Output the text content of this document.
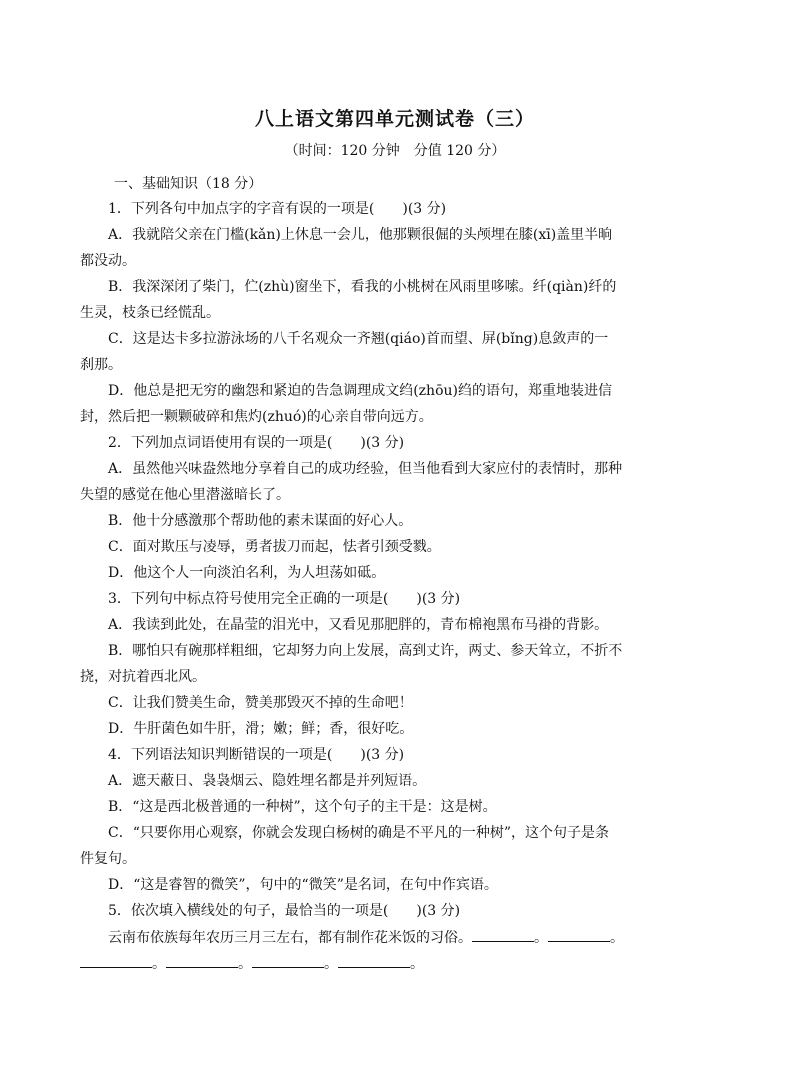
八上语文第四单元测试卷（三）
（时间：120 分钟　分值 120 分）
一、基础知识（18 分）
1．下列各句中加点字的字音有误的一项是(　　)(3 分)
A．我就陪父亲在门槛(kǎn)上休息一会儿，他那颗很倔的头颅埋在膝(xī)盖里半晌
都没动。
B．我深深闭了柴门，伫(zhù)窗坐下，看我的小桃树在风雨里哆嗦。纤(qiàn)纤的
生灵，枝条已经慌乱。
C．这是达卡多拉游泳场的八千名观众一齐翘(qiáo)首而望、屏(bǐng)息敛声的一
刹那。
D．他总是把无穷的幽怨和紧迫的告急调理成文绉(zhōu)绉的语句，郑重地装进信
封，然后把一颗颗破碎和焦灼(zhuó)的心亲自带向远方。
2．下列加点词语使用有误的一项是(　　)(3 分)
A．虽然他兴味盎然地分享着自己的成功经验，但当他看到大家应付的表情时，那种
失望的感觉在他心里潜滋暗长了。
B．他十分感激那个帮助他的素未谋面的好心人。
C．面对欺压与凌辱，勇者拔刀而起，怯者引颈受戮。
D．他这个人一向淡泊名利，为人坦荡如砥。
3．下列句中标点符号使用完全正确的一项是(　　)(3 分)
A．我读到此处，在晶莹的泪光中，又看见那肥胖的，青布棉袍黑布马褂的背影。
B．哪怕只有碗那样粗细，它却努力向上发展，高到丈许，两丈、参天耸立，不折不
挠，对抗着西北风。
C．让我们赞美生命，赞美那毁灭不掉的生命吧！
D．牛肝菌色如牛肝，滑；嫩；鲜；香，很好吃。
4．下列语法知识判断错误的一项是(　　)(3 分)
A．遮天蔽日、袅袅烟云、隐姓埋名都是并列短语。
B．“这是西北极普通的一种树”，这个句子的主干是：这是树。
C．“只要你用心观察，你就会发现白杨树的确是不平凡的一种树”，这个句子是条
件复句。
D．“这是睿智的微笑”，句中的“微笑”是名词，在句中作宾语。
5．依次填入横线处的句子，最恰当的一项是(　　)(3 分)
云南布依族每年农历三月三左右，都有制作花米饭的习俗。	。	。
。	。	。	。
